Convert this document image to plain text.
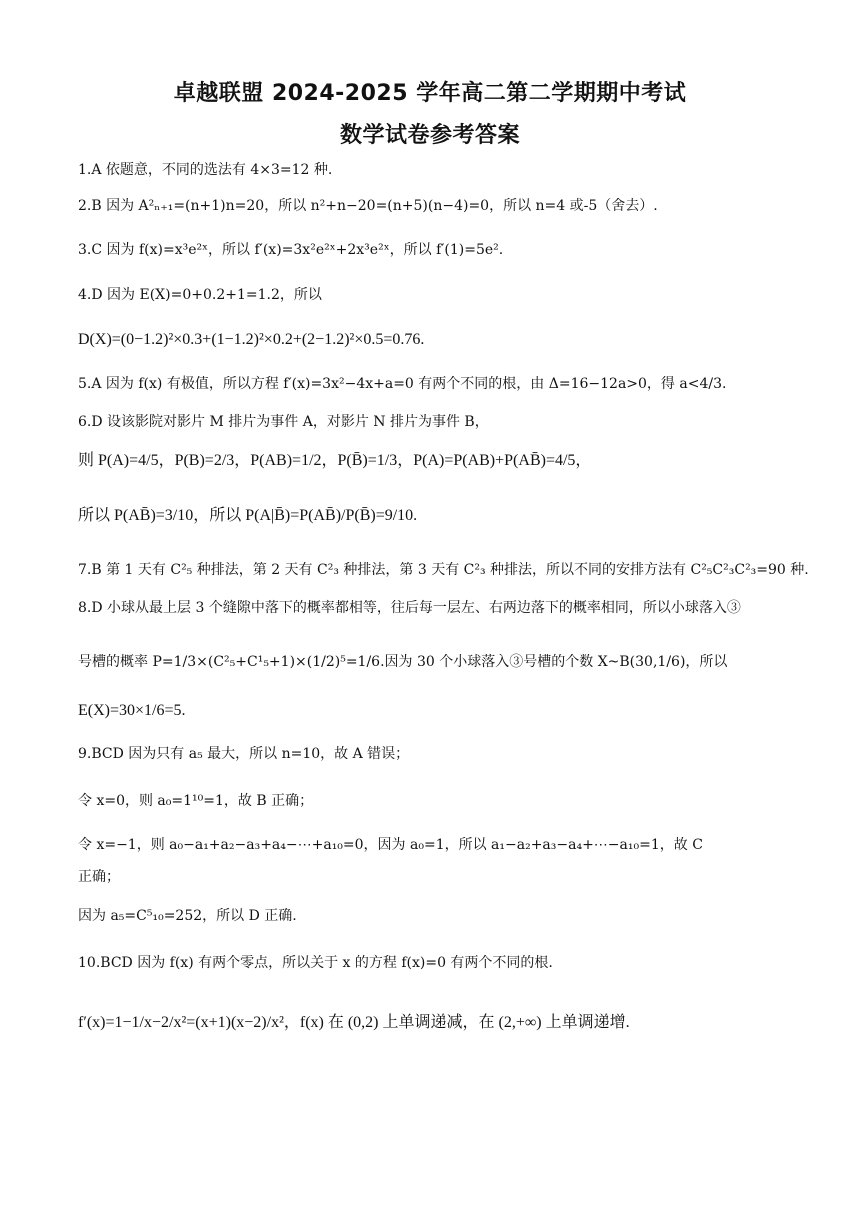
卓越联盟 2024-2025 学年高二第二学期期中考试
数学试卷参考答案
1.A 依题意，不同的选法有 4×3=12 种.
2.B 因为 A²ₙ₊₁=(n+1)n=20，所以 n²+n−20=(n+5)(n−4)=0，所以 n=4 或-5（舍去）.
3.C 因为 f(x)=x³e²ˣ，所以 f′(x)=3x²e²ˣ+2x³e²ˣ，所以 f′(1)=5e².
4.D 因为 E(X)=0+0.2+1=1.2，所以
D(X)=(0−1.2)²×0.3+(1−1.2)²×0.2+(2−1.2)²×0.5=0.76.
5.A 因为 f(x) 有极值，所以方程 f′(x)=3x²−4x+a=0 有两个不同的根，由 Δ=16−12a>0，得 a<4/3.
6.D 设该影院对影片 M 排片为事件 A，对影片 N 排片为事件 B，
则 P(A)=4/5，P(B)=2/3，P(AB)=1/2，P(B̄)=1/3，P(A)=P(AB)+P(AB̄)=4/5，
所以 P(AB̄)=3/10，所以 P(A|B̄)=P(AB̄)/P(B̄)=9/10.
7.B 第 1 天有 C²₅ 种排法，第 2 天有 C²₃ 种排法，第 3 天有 C²₃ 种排法，所以不同的安排方法有 C²₅C²₃C²₃=90 种.
8.D 小球从最上层 3 个缝隙中落下的概率都相等，往后每一层左、右两边落下的概率相同，所以小球落入③
号槽的概率 P=1/3×(C²₅+C¹₅+1)×(1/2)⁵=1/6.因为 30 个小球落入③号槽的个数 X~B(30,1/6)，所以
E(X)=30×1/6=5.
9.BCD 因为只有 a₅ 最大，所以 n=10，故 A 错误；
令 x=0，则 a₀=1¹⁰=1，故 B 正确；
令 x=−1，则 a₀−a₁+a₂−a₃+a₄−⋯+a₁₀=0，因为 a₀=1，所以 a₁−a₂+a₃−a₄+⋯−a₁₀=1，故 C
正确；
因为 a₅=C⁵₁₀=252，所以 D 正确.
10.BCD 因为 f(x) 有两个零点，所以关于 x 的方程 f(x)=0 有两个不同的根.
f′(x)=1−1/x−2/x²=(x+1)(x−2)/x²，f(x) 在 (0,2) 上单调递减，在 (2,+∞) 上单调递增.
